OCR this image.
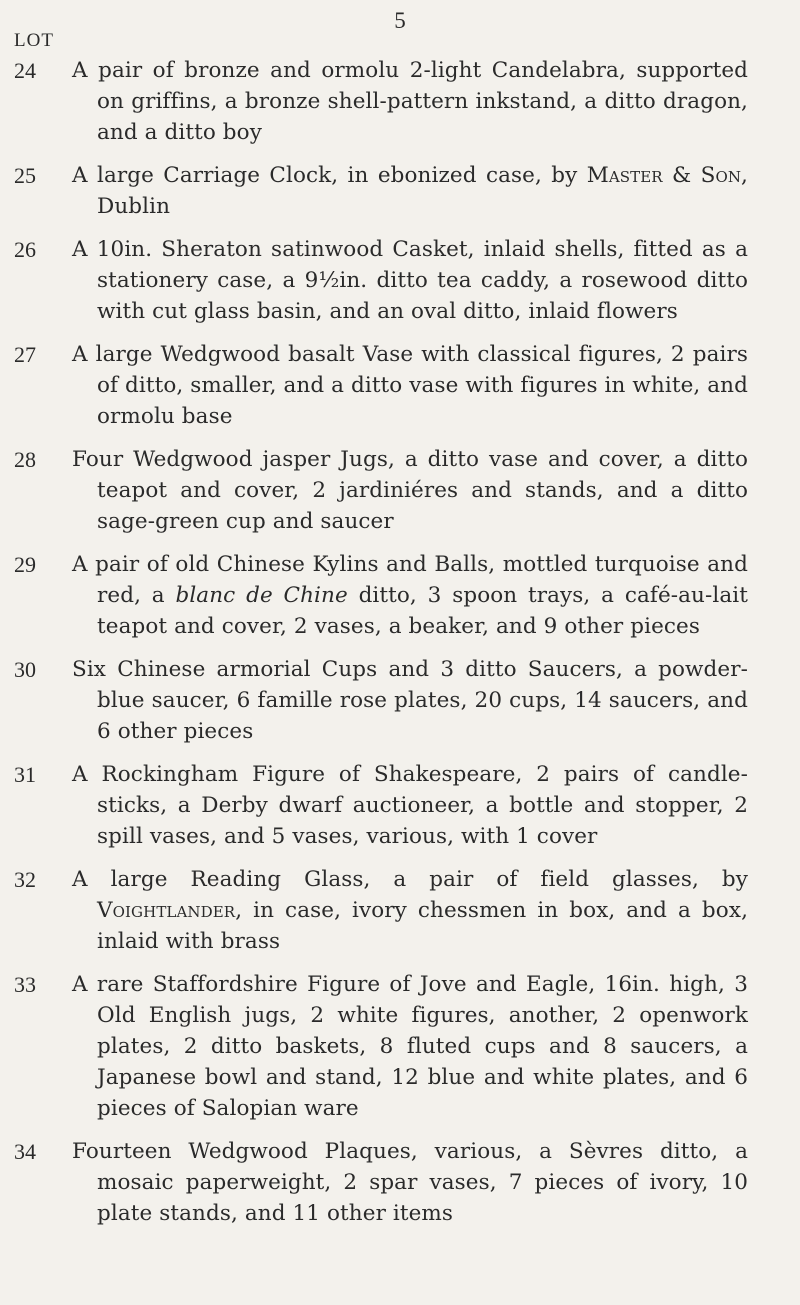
5
LOT
24	A pair of bronze and ormolu 2-light Candelabra, supported on griffins, a bronze shell-pattern inkstand, a ditto dragon, and a ditto boy
25	A large Carriage Clock, in ebonized case, by Master & Son, Dublin
26	A 10in. Sheraton satinwood Casket, inlaid shells, fitted as a stationery case, a 9½in. ditto tea caddy, a rosewood ditto with cut glass basin, and an oval ditto, inlaid flowers
27	A large Wedgwood basalt Vase with classical figures, 2 pairs of ditto, smaller, and a ditto vase with figures in white, and ormolu base
28	Four Wedgwood jasper Jugs, a ditto vase and cover, a ditto teapot and cover, 2 jardiniéres and stands, and a ditto sage-green cup and saucer
29	A pair of old Chinese Kylins and Balls, mottled turquoise and red, a blanc de Chine ditto, 3 spoon trays, a café-au-lait teapot and cover, 2 vases, a beaker, and 9 other pieces
30	Six Chinese armorial Cups and 3 ditto Saucers, a powder-blue saucer, 6 famille rose plates, 20 cups, 14 saucers, and 6 other pieces
31	A Rockingham Figure of Shakespeare, 2 pairs of candle-sticks, a Derby dwarf auctioneer, a bottle and stopper, 2 spill vases, and 5 vases, various, with 1 cover
32	A large Reading Glass, a pair of field glasses, by Voightlander, in case, ivory chessmen in box, and a box, inlaid with brass
33	A rare Staffordshire Figure of Jove and Eagle, 16in. high, 3 Old English jugs, 2 white figures, another, 2 openwork plates, 2 ditto baskets, 8 fluted cups and 8 saucers, a Japanese bowl and stand, 12 blue and white plates, and 6 pieces of Salopian ware
34	Fourteen Wedgwood Plaques, various, a Sèvres ditto, a mosaic paperweight, 2 spar vases, 7 pieces of ivory, 10 plate stands, and 11 other items
